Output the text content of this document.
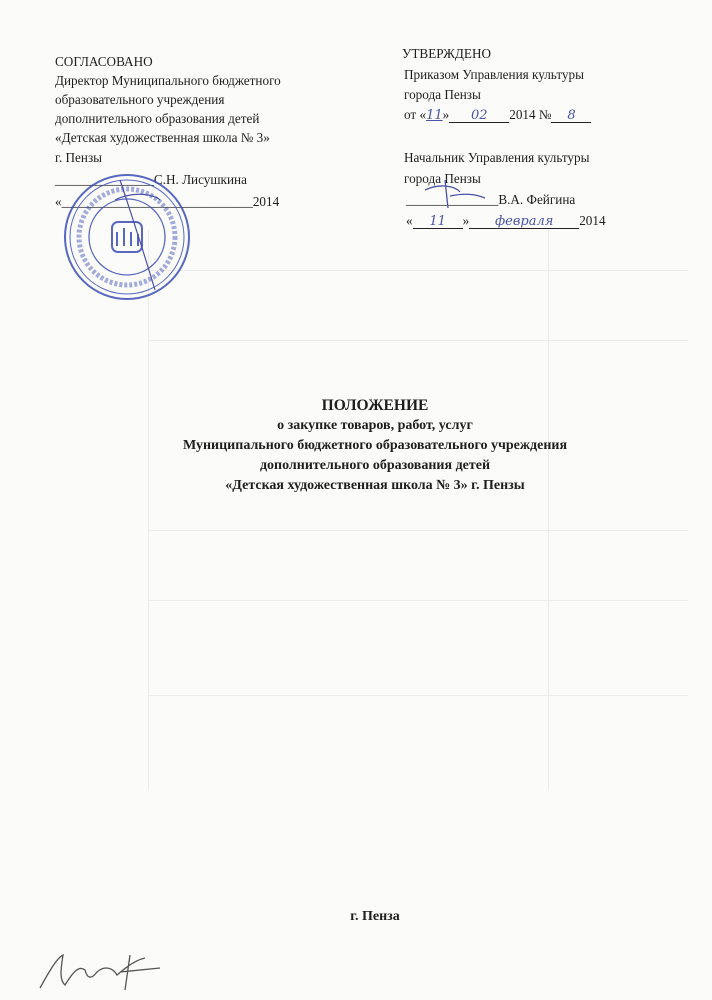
СОГЛАСОВАНО
Директор Муниципального бюджетного
образовательного учреждения
дополнительного образования детей
«Детская художественная школа № 3»
г. Пензы
_______________С.Н. Лисушкина
«_____________________________2014
УТВЕРЖДЕНО
Приказом Управления культуры
города Пензы
от «11» 02 2014 № 8
Начальник Управления культуры
города Пензы
______________В.А. Фейгина
« 11 » февраля 2014
ПОЛОЖЕНИЕ
о закупке товаров, работ, услуг
Муниципального бюджетного образовательного учреждения
дополнительного образования детей
«Детская художественная школа № 3» г. Пензы
г. Пенза
